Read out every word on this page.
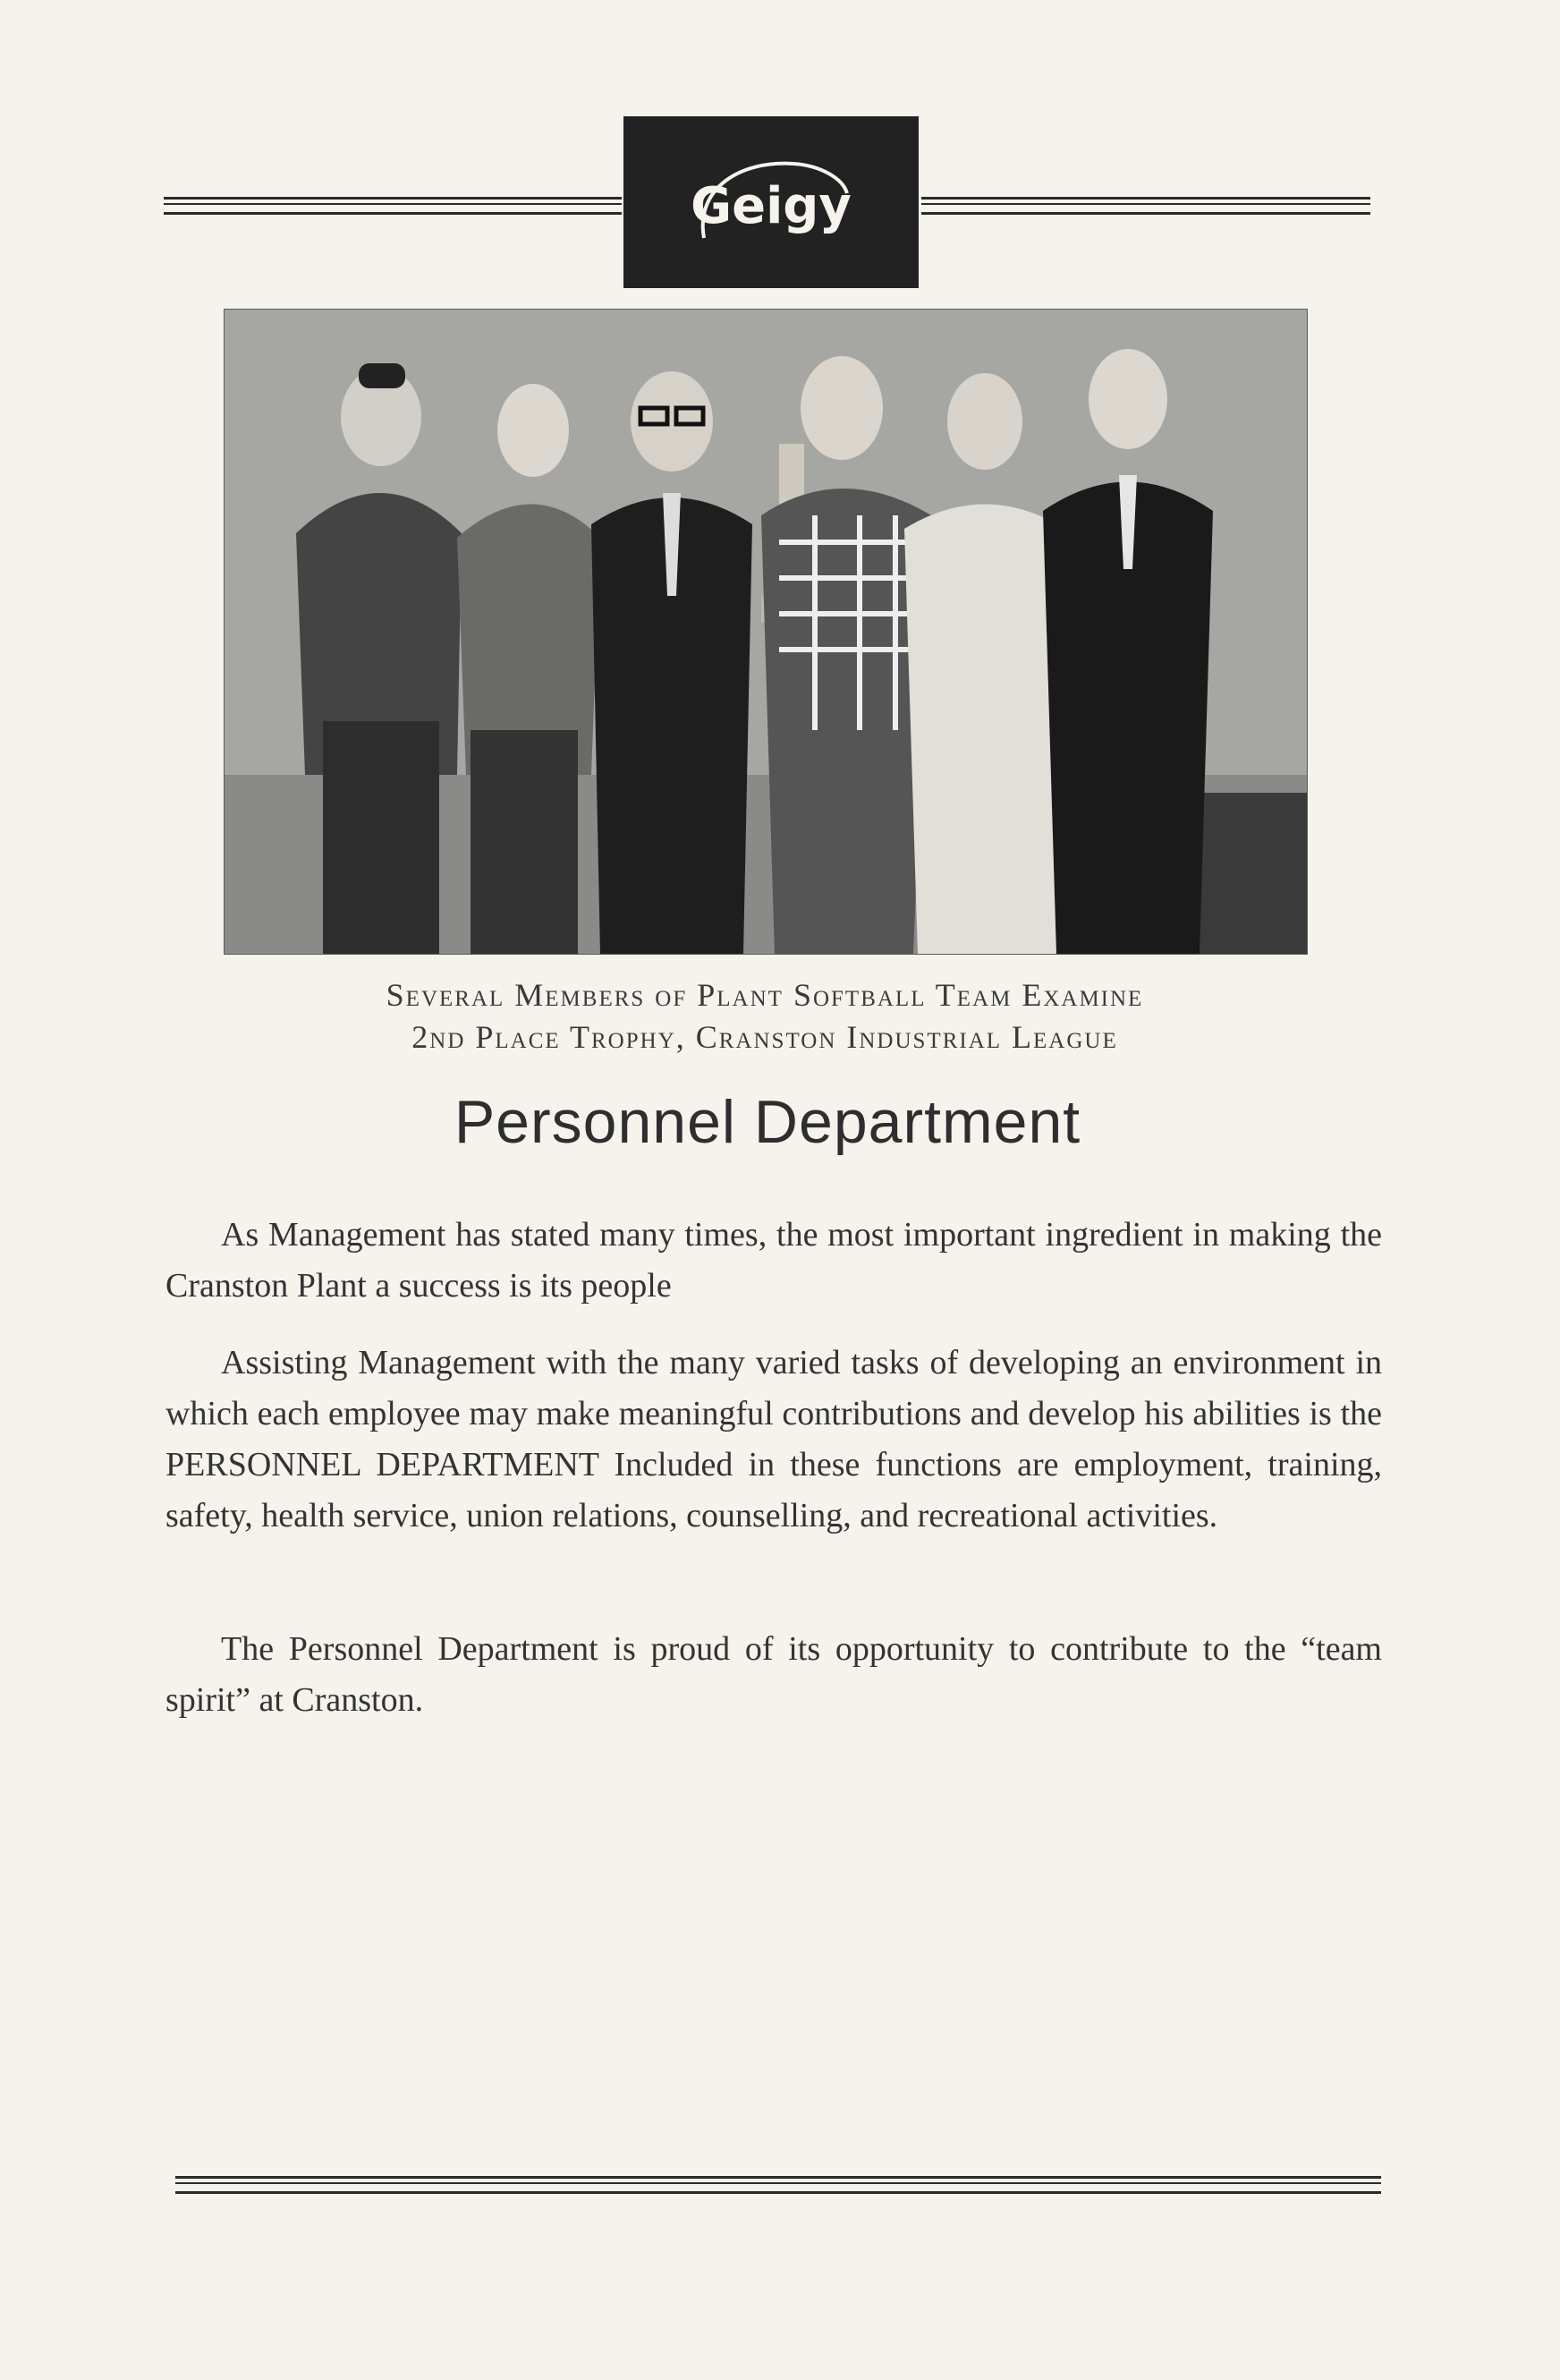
Geigy
Several Members of Plant Softball Team Examine
2nd Place Trophy, Cranston Industrial League
Personnel Department

As Management has stated many times, the most important ingredient in making the Cranston Plant a success is its people

Assisting Management with the many varied tasks of developing an environment in which each employee may make meaningful contributions and develop his abilities is the PERSONNEL DEPARTMENT Included in these functions are employment, training, safety, health service, union relations, counselling, and recreational activities.

The Personnel Department is proud of its opportunity to contribute to the “team spirit” at Cranston.
